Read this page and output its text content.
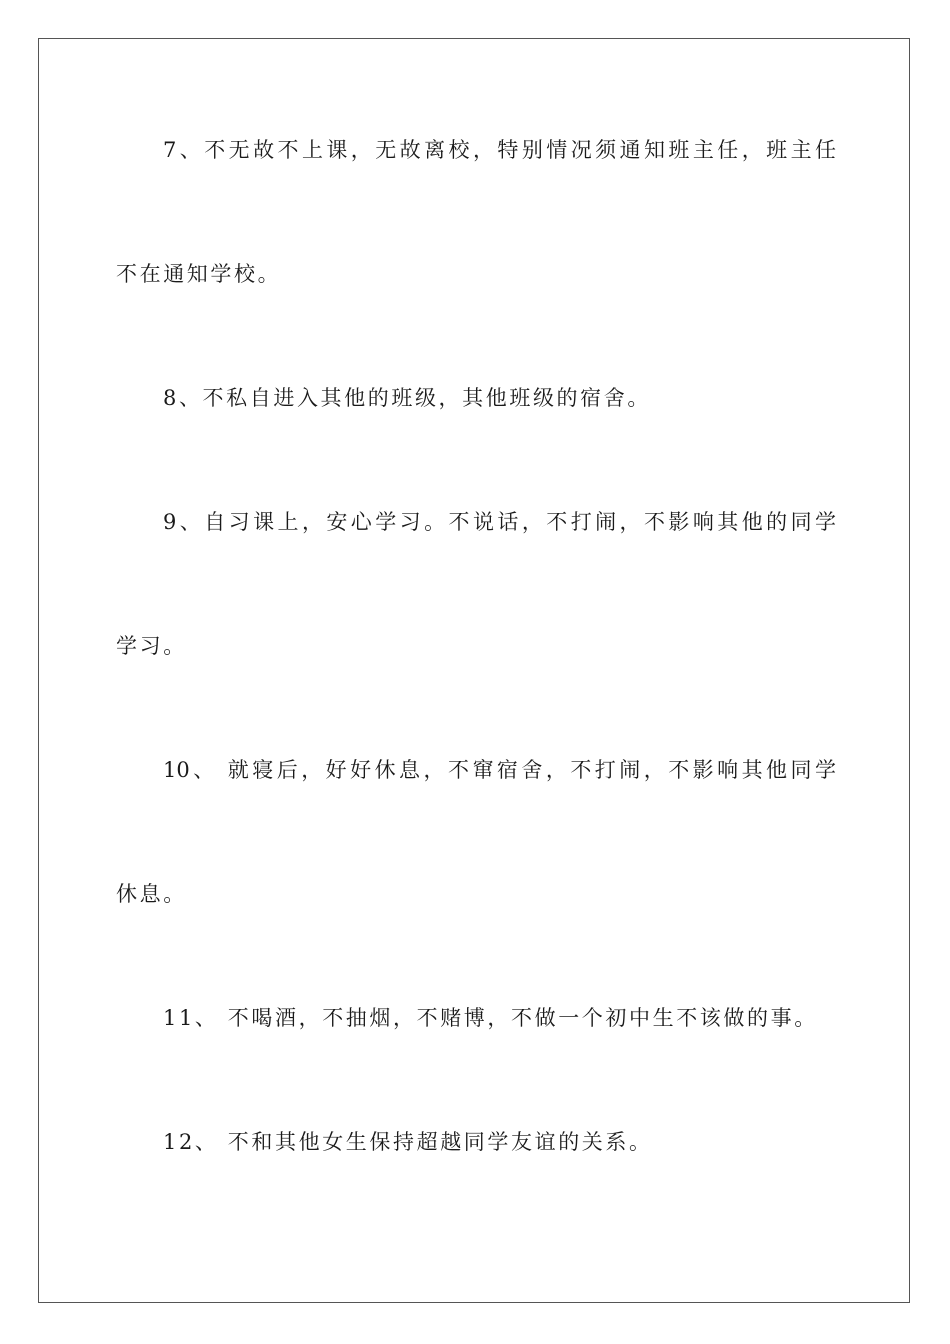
7、不无故不上课，无故离校，特别情况须通知班主任，班主任
不在通知学校。
8、不私自进入其他的班级，其他班级的宿舍。
9、自习课上，安心学习。不说话，不打闹，不影响其他的同学
学习。
10、 就寝后，好好休息，不窜宿舍，不打闹，不影响其他同学
休息。
11、 不喝酒，不抽烟，不赌博，不做一个初中生不该做的事。
12、 不和其他女生保持超越同学友谊的关系。
